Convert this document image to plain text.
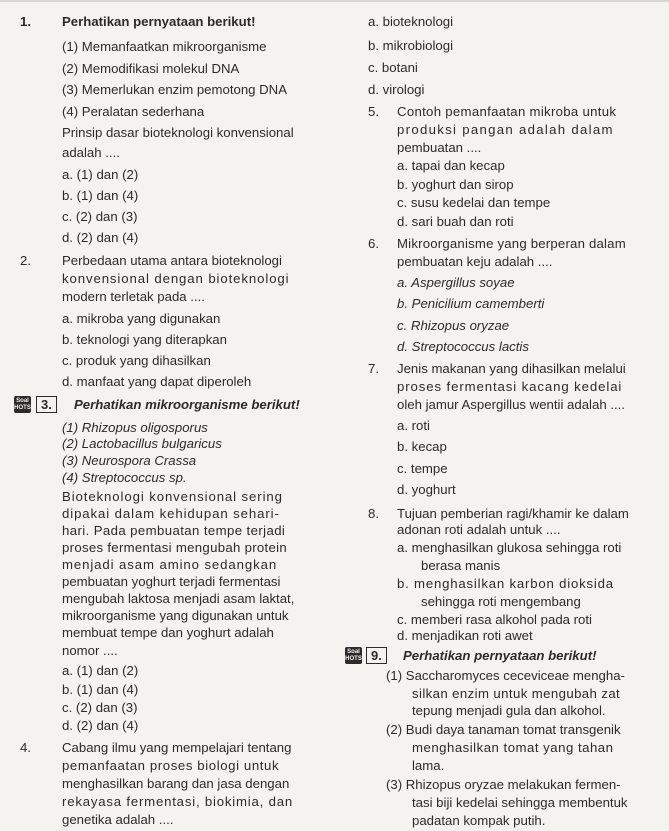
1. Perhatikan pernyataan berikut!
(1) Memanfaatkan mikroorganisme
(2) Memodifikasi molekul DNA
(3) Memerlukan enzim pemotong DNA
(4) Peralatan sederhana
Prinsip dasar bioteknologi konvensional
adalah ....
a. (1) dan (2)
b. (1) dan (4)
c. (2) dan (3)
d. (2) dan (4)
2. Perbedaan utama antara bioteknologi
konvensional dengan bioteknologi
modern terletak pada ....
a. mikroba yang digunakan
b. teknologi yang diterapkan
c. produk yang dihasilkan
d. manfaat yang dapat diperoleh
Soal
HOTS 3.	Perhatikan mikroorganisme berikut!
(1) Rhizopus oligosporus
(2) Lactobacillus bulgaricus
(3) Neurospora Crassa
(4) Streptococcus sp.
Bioteknologi konvensional sering
dipakai dalam kehidupan sehari-
hari. Pada pembuatan tempe terjadi
proses fermentasi mengubah protein
menjadi asam amino sedangkan
pembuatan yoghurt terjadi fermentasi
mengubah laktosa menjadi asam laktat,
mikroorganisme yang digunakan untuk
membuat tempe dan yoghurt adalah
nomor ....
a. (1) dan (2)
b. (1) dan (4)
c. (2) dan (3)
d. (2) dan (4)
4. Cabang ilmu yang mempelajari tentang
pemanfaatan proses biologi untuk
menghasilkan barang dan jasa dengan
rekayasa fermentasi, biokimia, dan
genetika adalah ....
a. bioteknologi
b. mikrobiologi
c. botani
d. virologi
5. Contoh pemanfaatan mikroba untuk
produksi pangan adalah dalam
pembuatan ....
a. tapai dan kecap
b. yoghurt dan sirop
c. susu kedelai dan tempe
d. sari buah dan roti
6. Mikroorganisme yang berperan dalam
pembuatan keju adalah ....
a. Aspergillus soyae
b. Penicilium camemberti
c. Rhizopus oryzae
d. Streptococcus lactis
7. Jenis makanan yang dihasilkan melalui
proses fermentasi kacang kedelai
oleh jamur Aspergillus wentii adalah ....
a. roti
b. kecap
c. tempe
d. yoghurt
8. Tujuan pemberian ragi/khamir ke dalam
adonan roti adalah untuk ....
a. menghasilkan glukosa sehingga roti
berasa manis
b. menghasilkan karbon dioksida
sehingga roti mengembang
c. memberi rasa alkohol pada roti
d. menjadikan roti awet
Soal
HOTS 9.	Perhatikan pernyataan berikut!
(1) Saccharomyces ceceviceae mengha-
silkan enzim untuk mengubah zat
tepung menjadi gula dan alkohol.
(2) Budi daya tanaman tomat transgenik
menghasilkan tomat yang tahan
lama.
(3) Rhizopus oryzae melakukan fermen-
tasi biji kedelai sehingga membentuk
padatan kompak putih.
